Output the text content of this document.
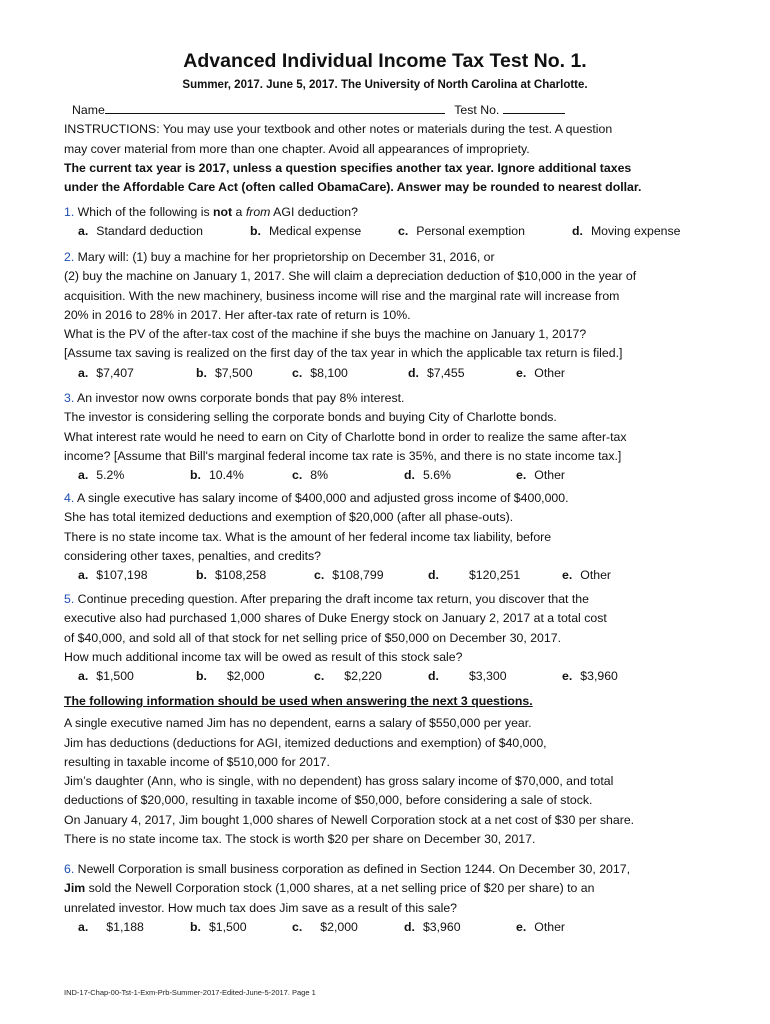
Advanced Individual Income Tax Test No. 1.
Summer, 2017. June 5, 2017. The University of North Carolina at Charlotte.
Name	Test No.
INSTRUCTIONS: You may use your textbook and other notes or materials during the test. A question
may cover material from more than one chapter. Avoid all appearances of impropriety.
The current tax year is 2017, unless a question specifies another tax year. Ignore additional taxes
under the Affordable Care Act (often called ObamaCare). Answer may be rounded to nearest dollar.
1. Which of the following is not a from AGI deduction?
a. Standard deduction	b. Medical expense	c. Personal exemption	d. Moving expense
2. Mary will: (1) buy a machine for her proprietorship on December 31, 2016, or
(2) buy the machine on January 1, 2017. She will claim a depreciation deduction of $10,000 in the year of
acquisition. With the new machinery, business income will rise and the marginal rate will increase from
20% in 2016 to 28% in 2017. Her after-tax rate of return is 10%.
What is the PV of the after-tax cost of the machine if she buys the machine on January 1, 2017?
[Assume tax saving is realized on the first day of the tax year in which the applicable tax return is filed.]
a. $7,407	b. $7,500	c. $8,100	d. $7,455	e. Other
3. An investor now owns corporate bonds that pay 8% interest.
The investor is considering selling the corporate bonds and buying City of Charlotte bonds.
What interest rate would he need to earn on City of Charlotte bond in order to realize the same after-tax
income? [Assume that Bill's marginal federal income tax rate is 35%, and there is no state income tax.]
a. 5.2%	b. 10.4%	c. 8%	d. 5.6%	e. Other
4. A single executive has salary income of $400,000 and adjusted gross income of $400,000.
She has total itemized deductions and exemption of $20,000 (after all phase-outs).
There is no state income tax. What is the amount of her federal income tax liability, before
considering other taxes, penalties, and credits?
a. $107,198	b. $108,258	c. $108,799	d. $120,251	e. Other
5. Continue preceding question. After preparing the draft income tax return, you discover that the
executive also had purchased 1,000 shares of Duke Energy stock on January 2, 2017 at a total cost
of $40,000, and sold all of that stock for net selling price of $50,000 on December 30, 2017.
How much additional income tax will be owed as result of this stock sale?
a. $1,500	b. $2,000	c. $2,220	d. $3,300	e. $3,960
The following information should be used when answering the next 3 questions.
A single executive named Jim has no dependent, earns a salary of $550,000 per year.
Jim has deductions (deductions for AGI, itemized deductions and exemption) of $40,000,
resulting in taxable income of $510,000 for 2017.
Jim’s daughter (Ann, who is single, with no dependent) has gross salary income of $70,000, and total
deductions of $20,000, resulting in taxable income of $50,000, before considering a sale of stock.
On January 4, 2017, Jim bought 1,000 shares of Newell Corporation stock at a net cost of $30 per share.
There is no state income tax. The stock is worth $20 per share on December 30, 2017.
6. Newell Corporation is small business corporation as defined in Section 1244. On December 30, 2017,
Jim sold the Newell Corporation stock (1,000 shares, at a net selling price of $20 per share) to an
unrelated investor. How much tax does Jim save as a result of this sale?
a. $1,188	b. $1,500	c. $2,000	d. $3,960	e. Other
IND-17-Chap-00-Tst-1-Exm-Prb-Summer-2017-Edited-June-5-2017. Page 1
